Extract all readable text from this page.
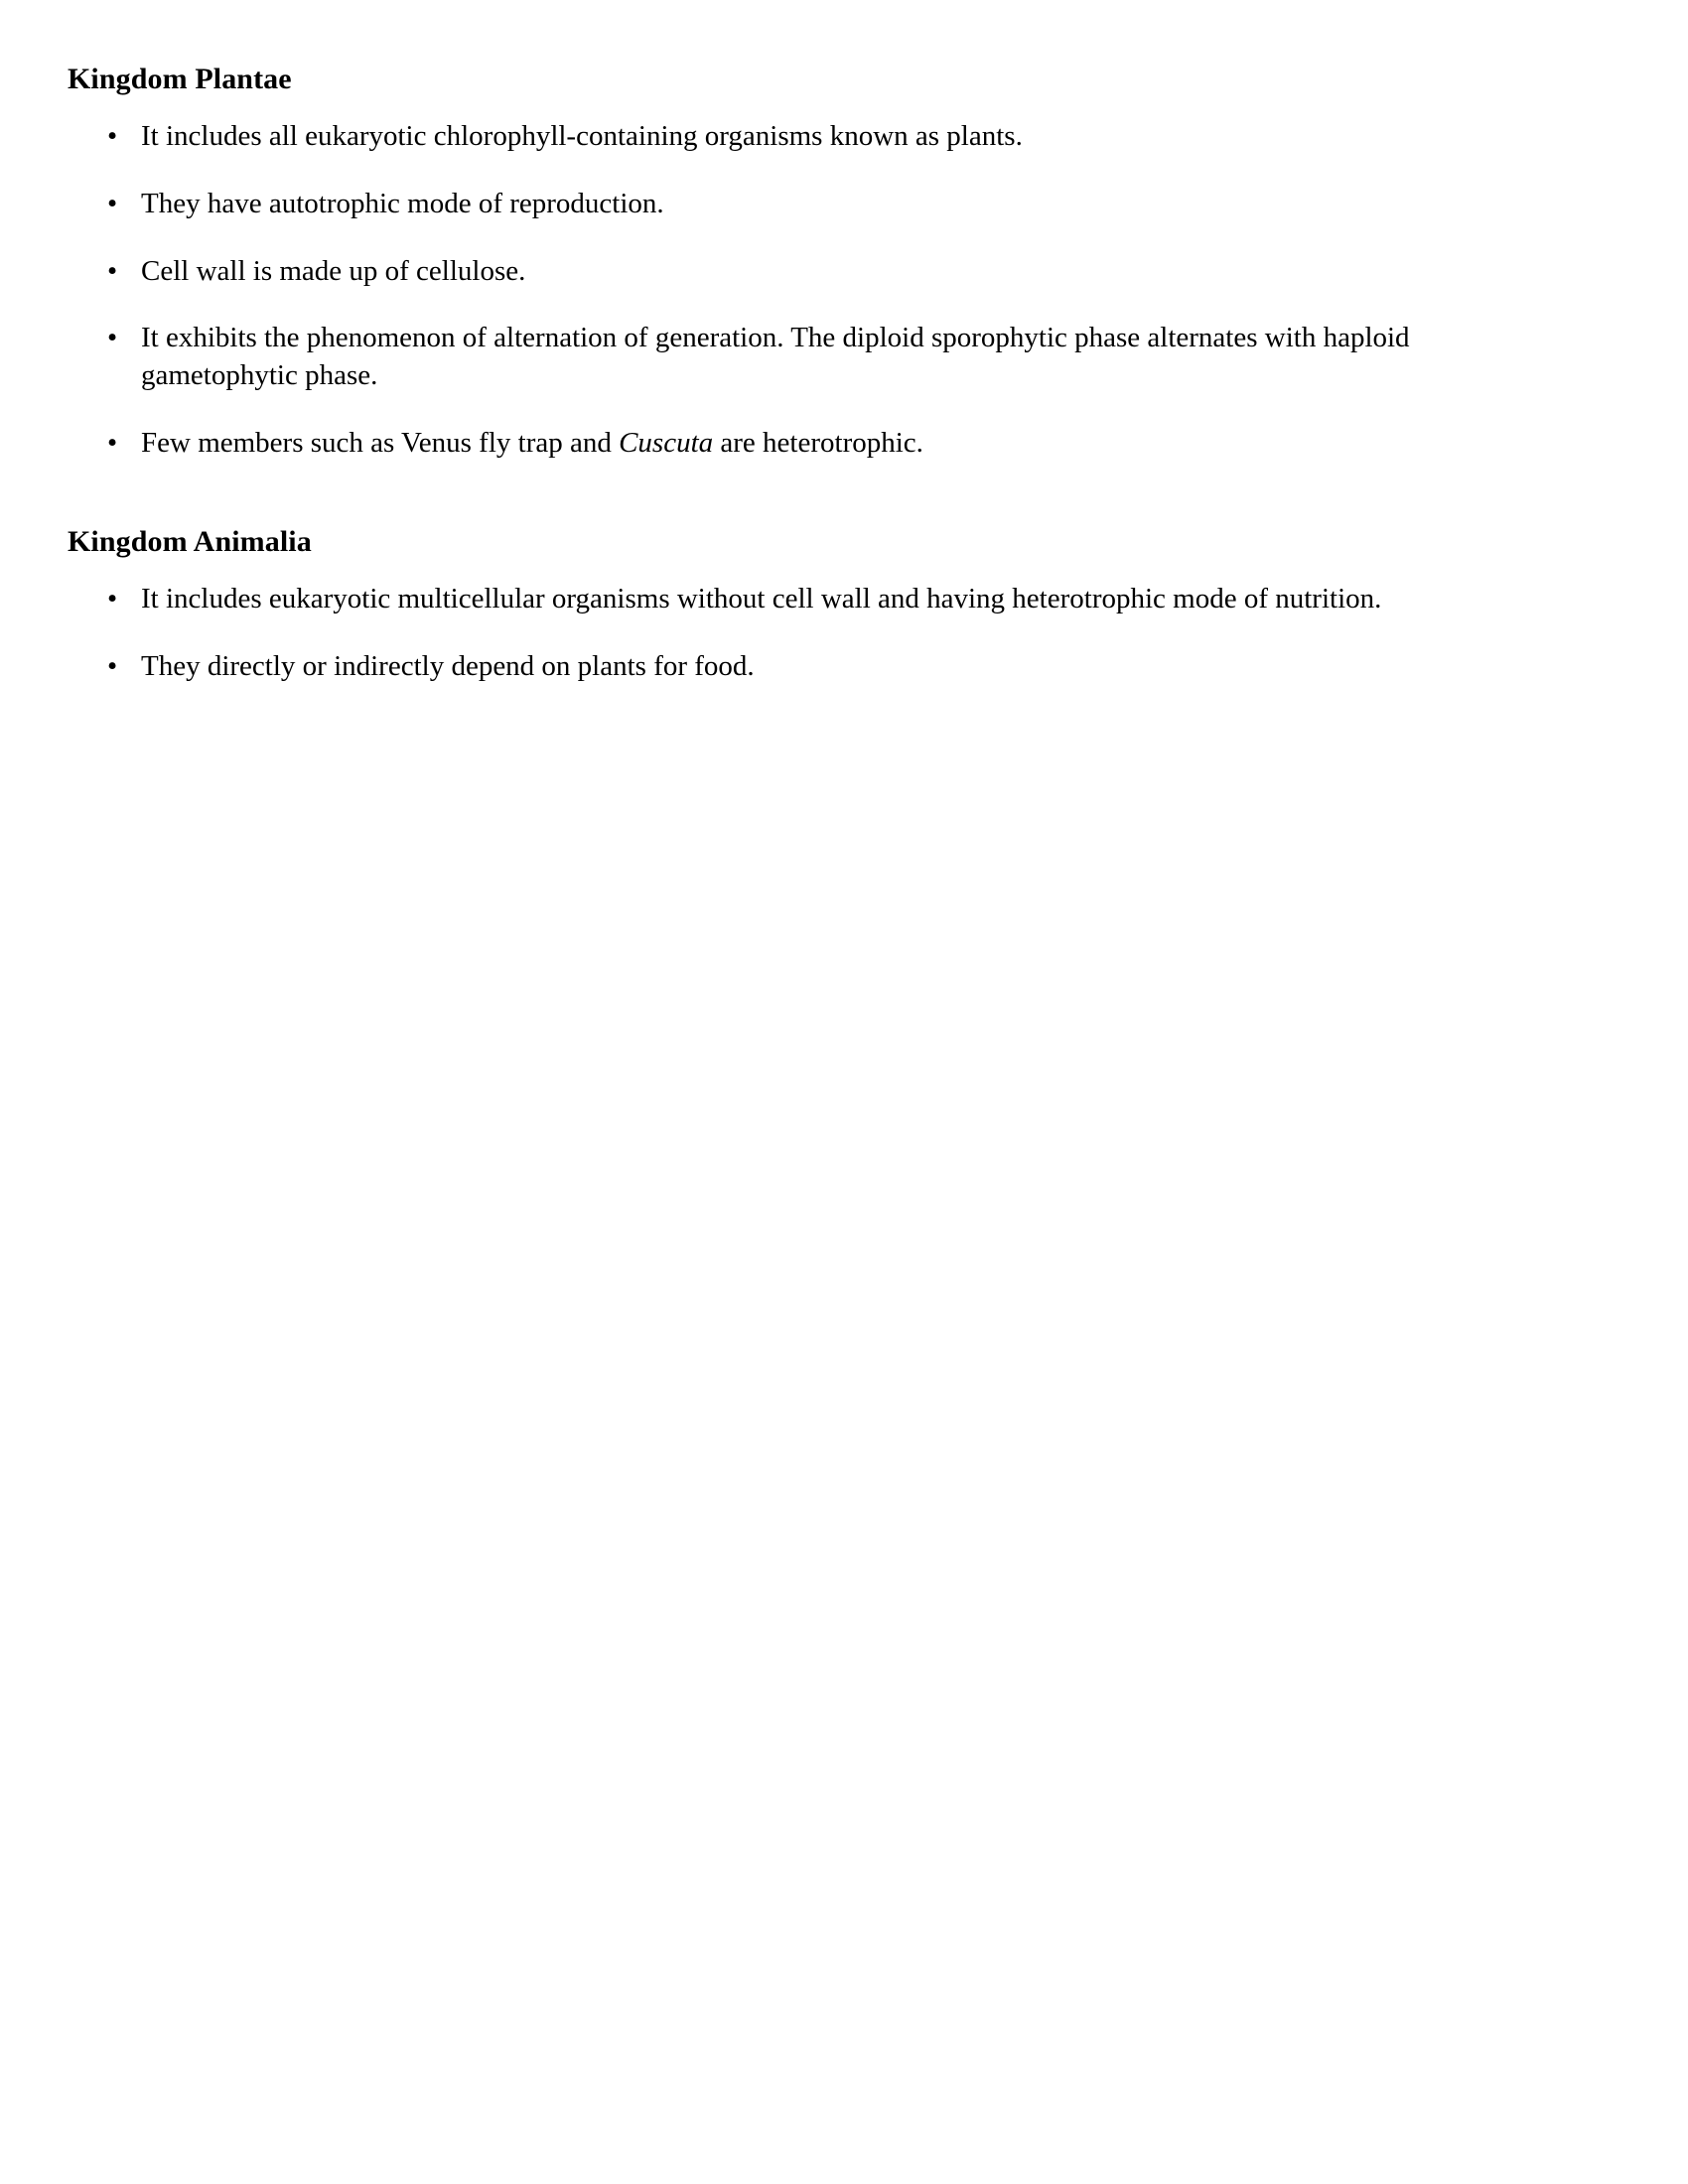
Kingdom Plantae
• It includes all eukaryotic chlorophyll-containing organisms known as plants.
• They have autotrophic mode of reproduction.
• Cell wall is made up of cellulose.
• It exhibits the phenomenon of alternation of generation. The diploid sporophytic phase alternates with haploid gametophytic phase.
• Few members such as Venus fly trap and Cuscuta are heterotrophic.
Kingdom Animalia
• It includes eukaryotic multicellular organisms without cell wall and having heterotrophic mode of nutrition.
• They directly or indirectly depend on plants for food.
